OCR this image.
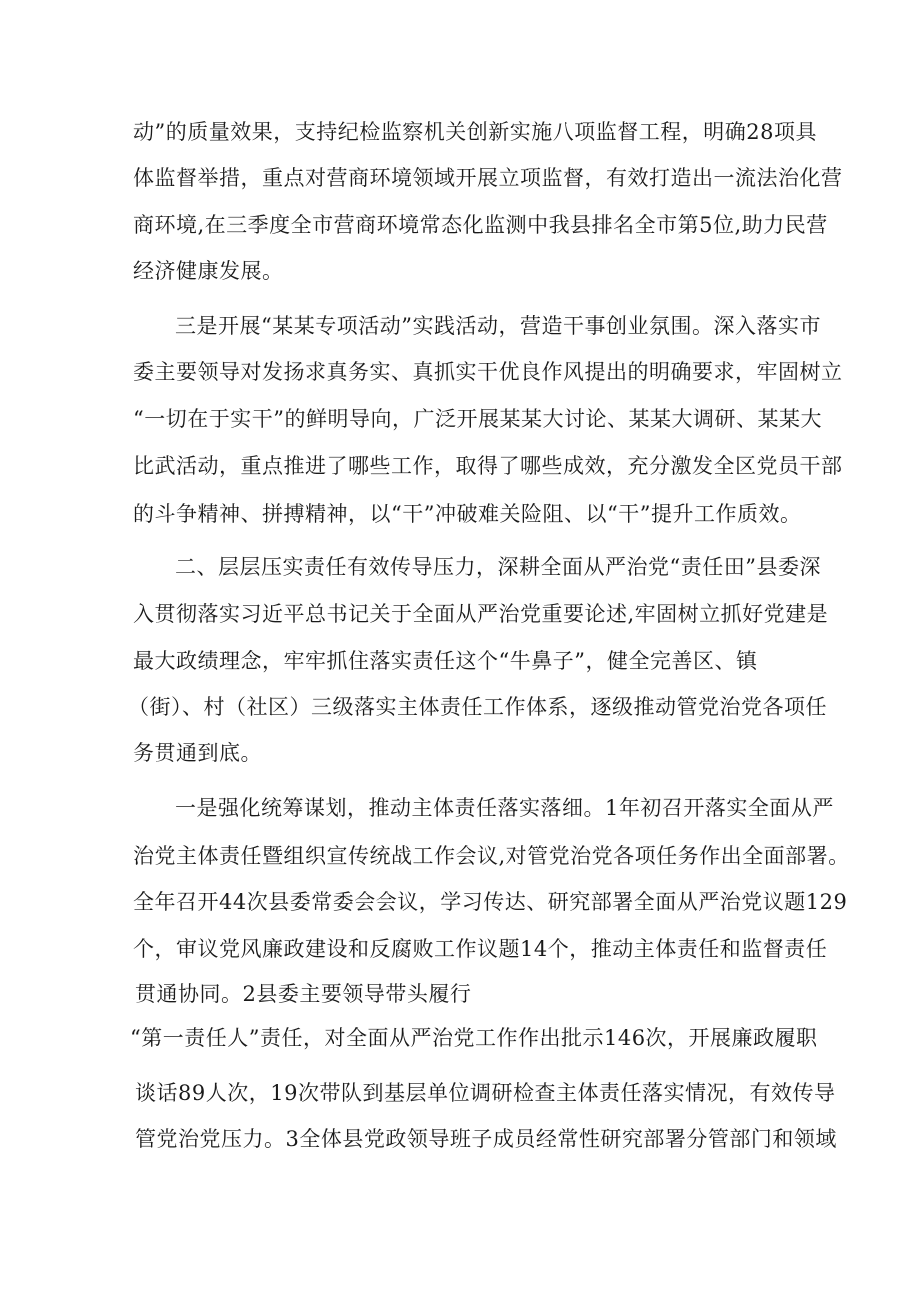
动”的质量效果，支持纪检监察机关创新实施八项监督工程，明确28项具
体监督举措，重点对营商环境领域开展立项监督，有效打造出一流法治化营
商环境,在三季度全市营商环境常态化监测中我县排名全市第5位,助力民营
经济健康发展。
三是开展“某某专项活动”实践活动，营造干事创业氛围。深入落实市
委主要领导对发扬求真务实、真抓实干优良作风提出的明确要求，牢固树立
“一切在于实干”的鲜明导向，广泛开展某某大讨论、某某大调研、某某大
比武活动，重点推进了哪些工作，取得了哪些成效，充分激发全区党员干部
的斗争精神、拼搏精神，以“干”冲破难关险阻、以“干”提升工作质效。
二、层层压实责任有效传导压力，深耕全面从严治党“责任田”县委深
入贯彻落实习近平总书记关于全面从严治党重要论述,牢固树立抓好党建是
最大政绩理念，牢牢抓住落实责任这个“牛鼻子”，健全完善区、镇
（街）、村（社区）三级落实主体责任工作体系，逐级推动管党治党各项任
务贯通到底。
一是强化统筹谋划，推动主体责任落实落细。1年初召开落实全面从严
治党主体责任暨组织宣传统战工作会议,对管党治党各项任务作出全面部署。
全年召开44次县委常委会会议，学习传达、研究部署全面从严治党议题129
个，审议党风廉政建设和反腐败工作议题14个，推动主体责任和监督责任
贯通协同。2县委主要领导带头履行
“第一责任人”责任，对全面从严治党工作作出批示146次，开展廉政履职
谈话89人次，19次带队到基层单位调研检查主体责任落实情况，有效传导
管党治党压力。3全体县党政领导班子成员经常性研究部署分管部门和领域
